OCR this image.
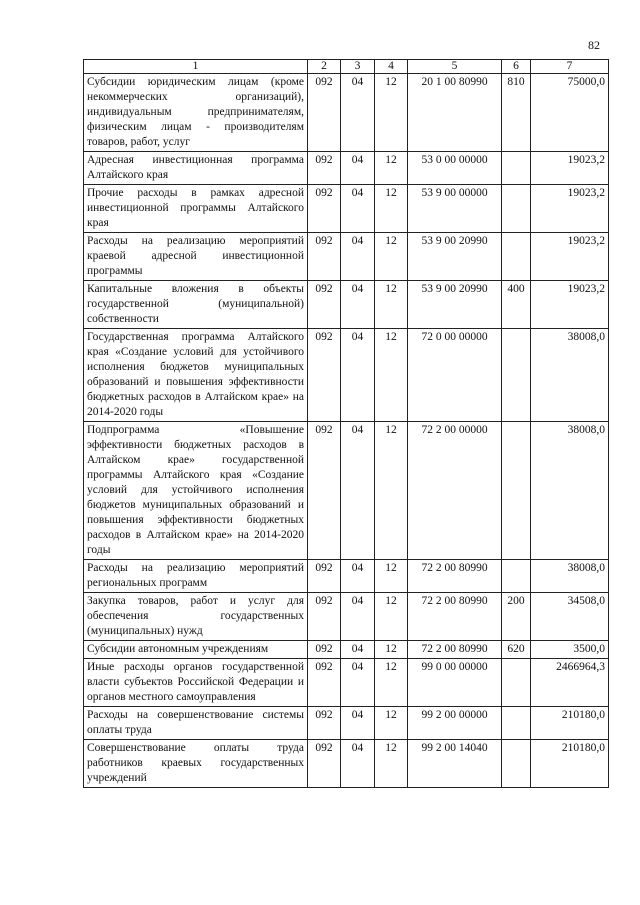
82
1	2	3	4	5	6	7
Субсидии юридическим лицам (кроме некоммерческих организаций), индивидуальным предпринимателям, физическим лицам - производителям товаров, работ, услуг	092	04	12	20 1 00 80990	810	75000,0
Адресная инвестиционная программа Алтайского края	092	04	12	53 0 00 00000		19023,2
Прочие расходы в рамках адресной инвестиционной программы Алтайского края	092	04	12	53 9 00 00000		19023,2
Расходы на реализацию мероприятий краевой адресной инвестиционной программы	092	04	12	53 9 00 20990		19023,2
Капитальные вложения в объекты государственной (муниципальной) собственности	092	04	12	53 9 00 20990	400	19023,2
Государственная программа Алтайского края «Создание условий для устойчивого исполнения бюджетов муниципальных образований и повышения эффективности бюджетных расходов в Алтайском крае» на 2014-2020 годы	092	04	12	72 0 00 00000		38008,0
Подпрограмма «Повышение эффективности бюджетных расходов в Алтайском крае» государственной программы Алтайского края «Создание условий для устойчивого исполнения бюджетов муниципальных образований и повышения эффективности бюджетных расходов в Алтайском крае» на 2014-2020 годы	092	04	12	72 2 00 00000		38008,0
Расходы на реализацию мероприятий региональных программ	092	04	12	72 2 00 80990		38008,0
Закупка товаров, работ и услуг для обеспечения государственных (муниципальных) нужд	092	04	12	72 2 00 80990	200	34508,0
Субсидии автономным учреждениям	092	04	12	72 2 00 80990	620	3500,0
Иные расходы органов государственной власти субъектов Российской Федерации и органов местного самоуправления	092	04	12	99 0 00 00000		2466964,3
Расходы на совершенствование системы оплаты труда	092	04	12	99 2 00 00000		210180,0
Совершенствование оплаты труда работников краевых государственных учреждений	092	04	12	99 2 00 14040		210180,0
